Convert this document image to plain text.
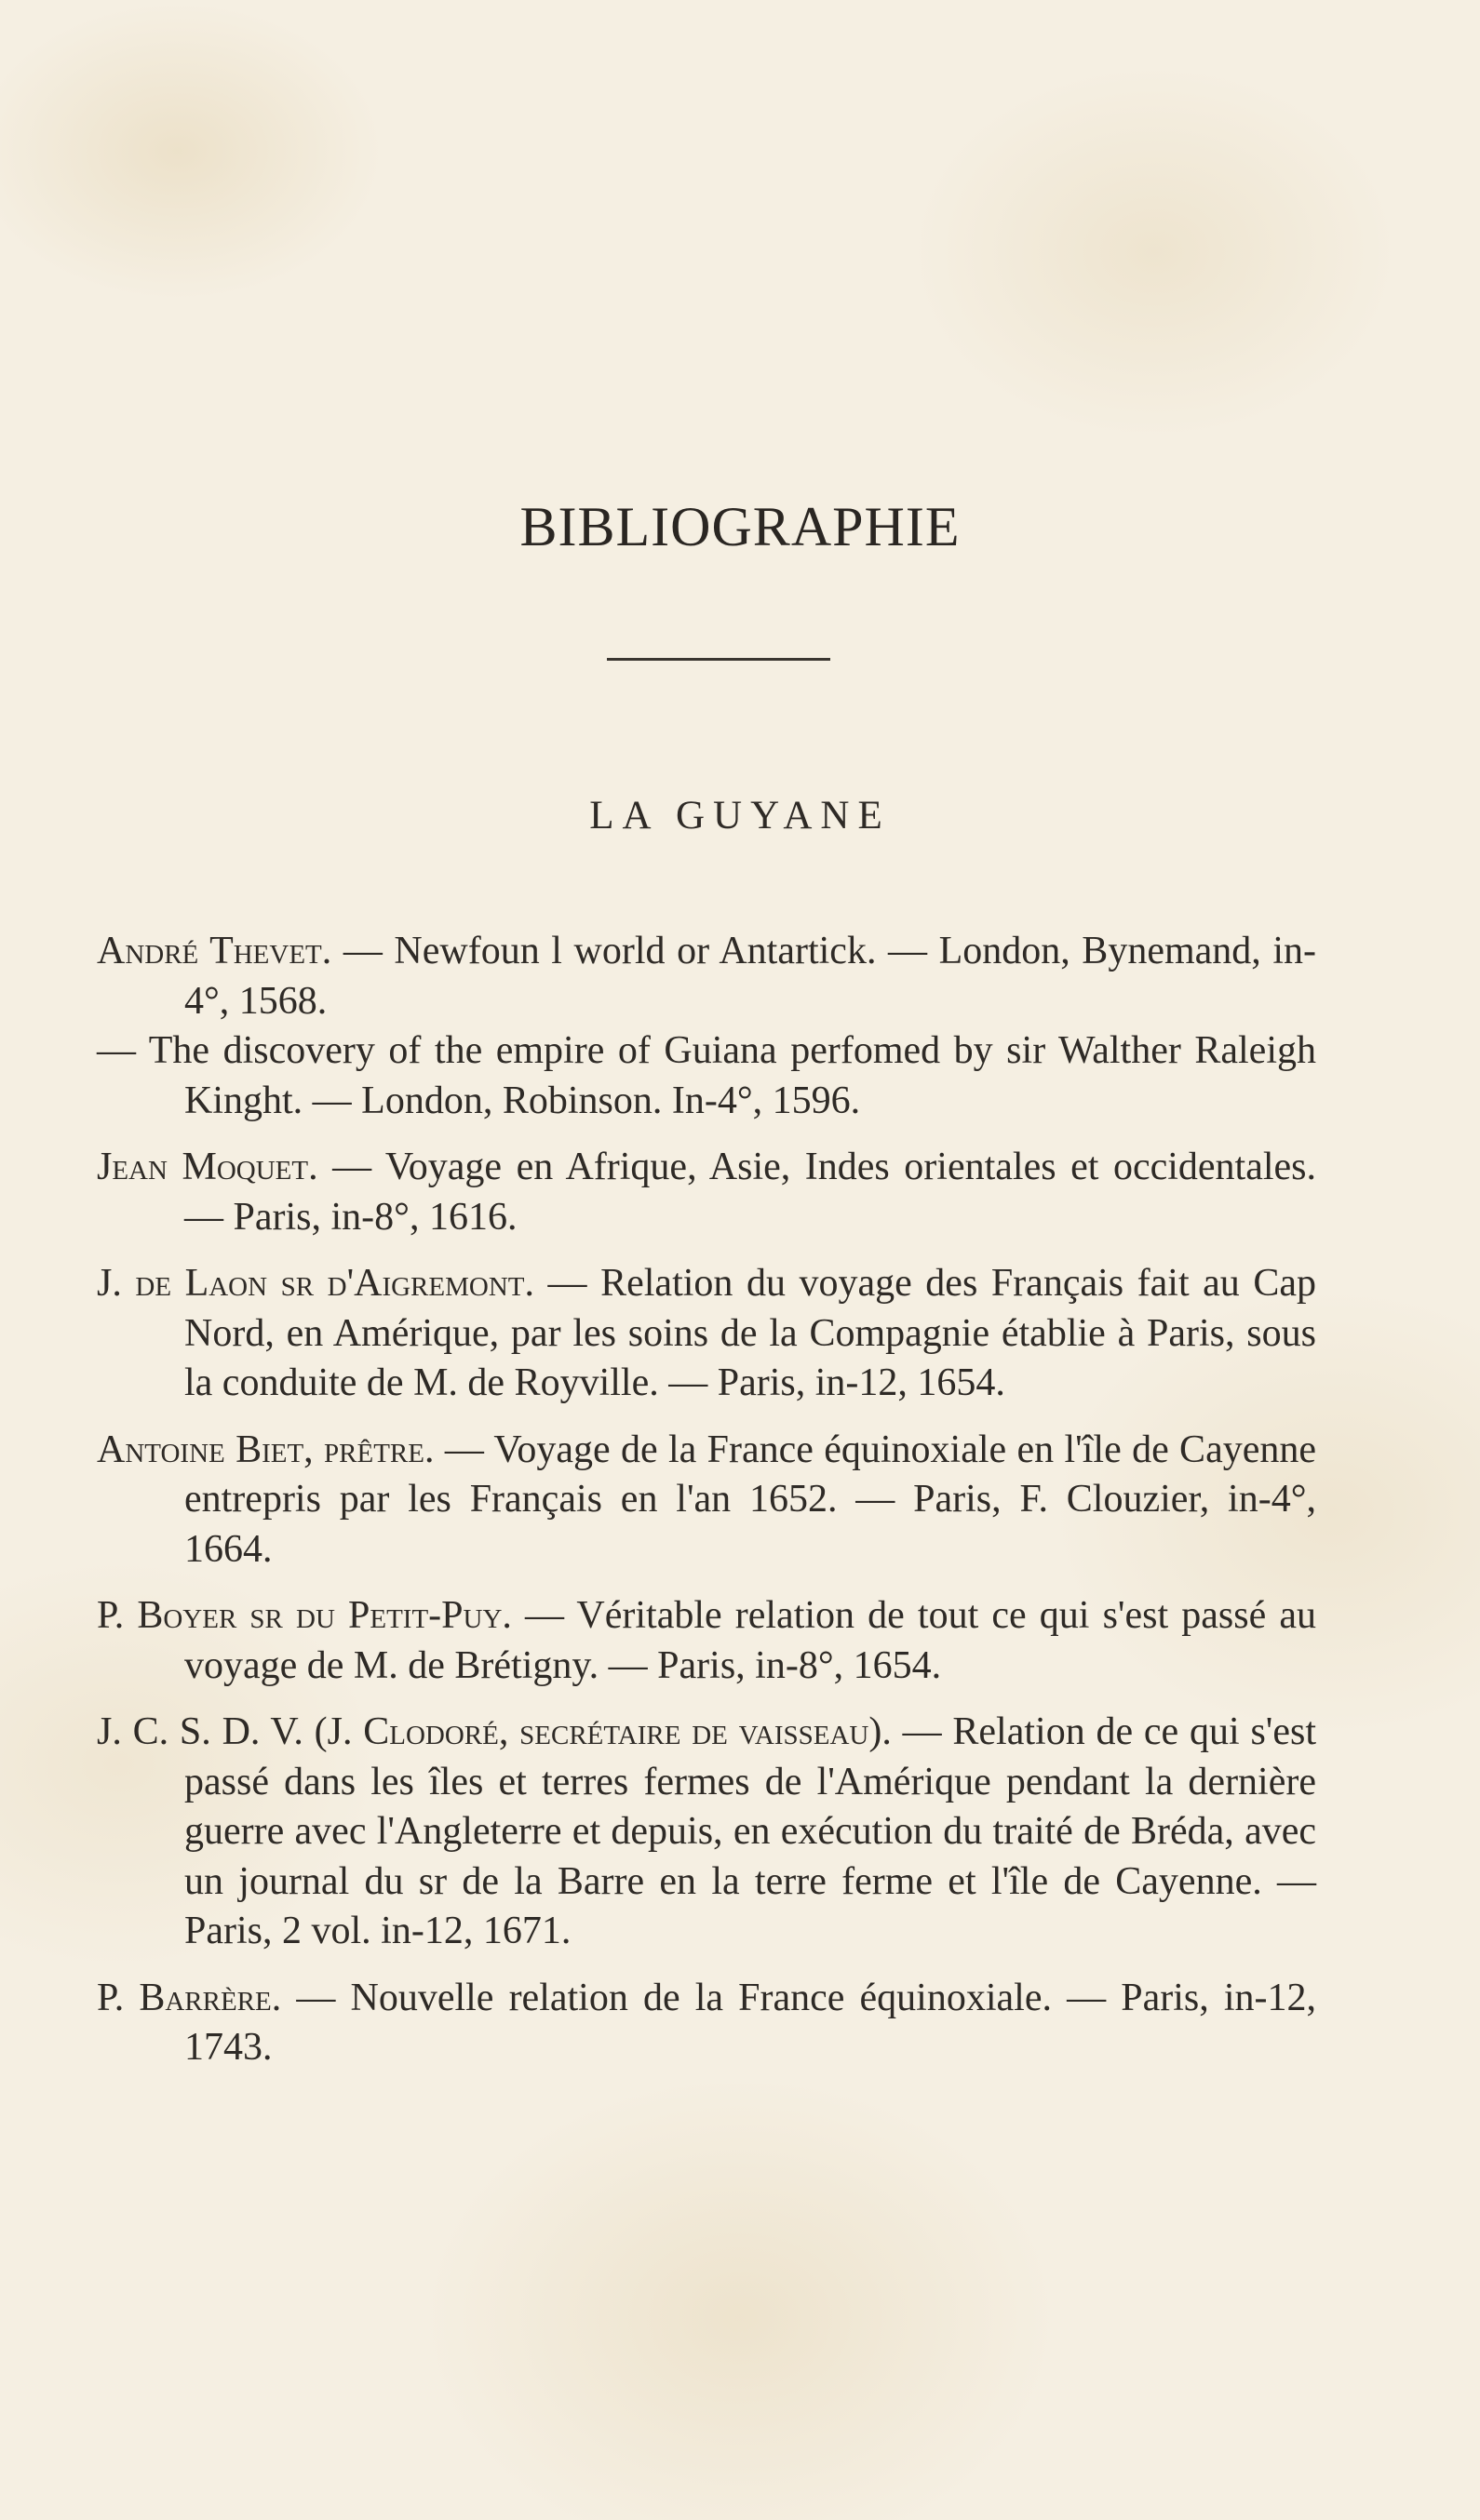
BIBLIOGRAPHIE
LA GUYANE

André Thevet. — Newfoun l world or Antartick. — London, Bynemand, in-4°, 1568.

— The discovery of the empire of Guiana perfomed by sir Walther Raleigh Kinght. — London, Robinson. In-4°, 1596.

Jean Moquet. — Voyage en Afrique, Asie, Indes orientales et occidentales. — Paris, in-8°, 1616.

J. de Laon sr d'Aigremont. — Relation du voyage des Français fait au Cap Nord, en Amérique, par les soins de la Compagnie établie à Paris, sous la conduite de M. de Royville. — Paris, in-12, 1654.

Antoine Biet, prêtre. — Voyage de la France équinoxiale en l'île de Cayenne entrepris par les Français en l'an 1652. — Paris, F. Clouzier, in-4°, 1664.

P. Boyer sr du Petit-Puy. — Véritable relation de tout ce qui s'est passé au voyage de M. de Brétigny. — Paris, in-8°, 1654.

J. C. S. D. V. (J. Clodoré, secrétaire de vaisseau). — Relation de ce qui s'est passé dans les îles et terres fermes de l'Amérique pendant la dernière guerre avec l'Angleterre et depuis, en exécution du traité de Bréda, avec un journal du sr de la Barre en la terre ferme et l'île de Cayenne. — Paris, 2 vol. in-12, 1671.

P. Barrère. — Nouvelle relation de la France équinoxiale. — Paris, in-12, 1743.
